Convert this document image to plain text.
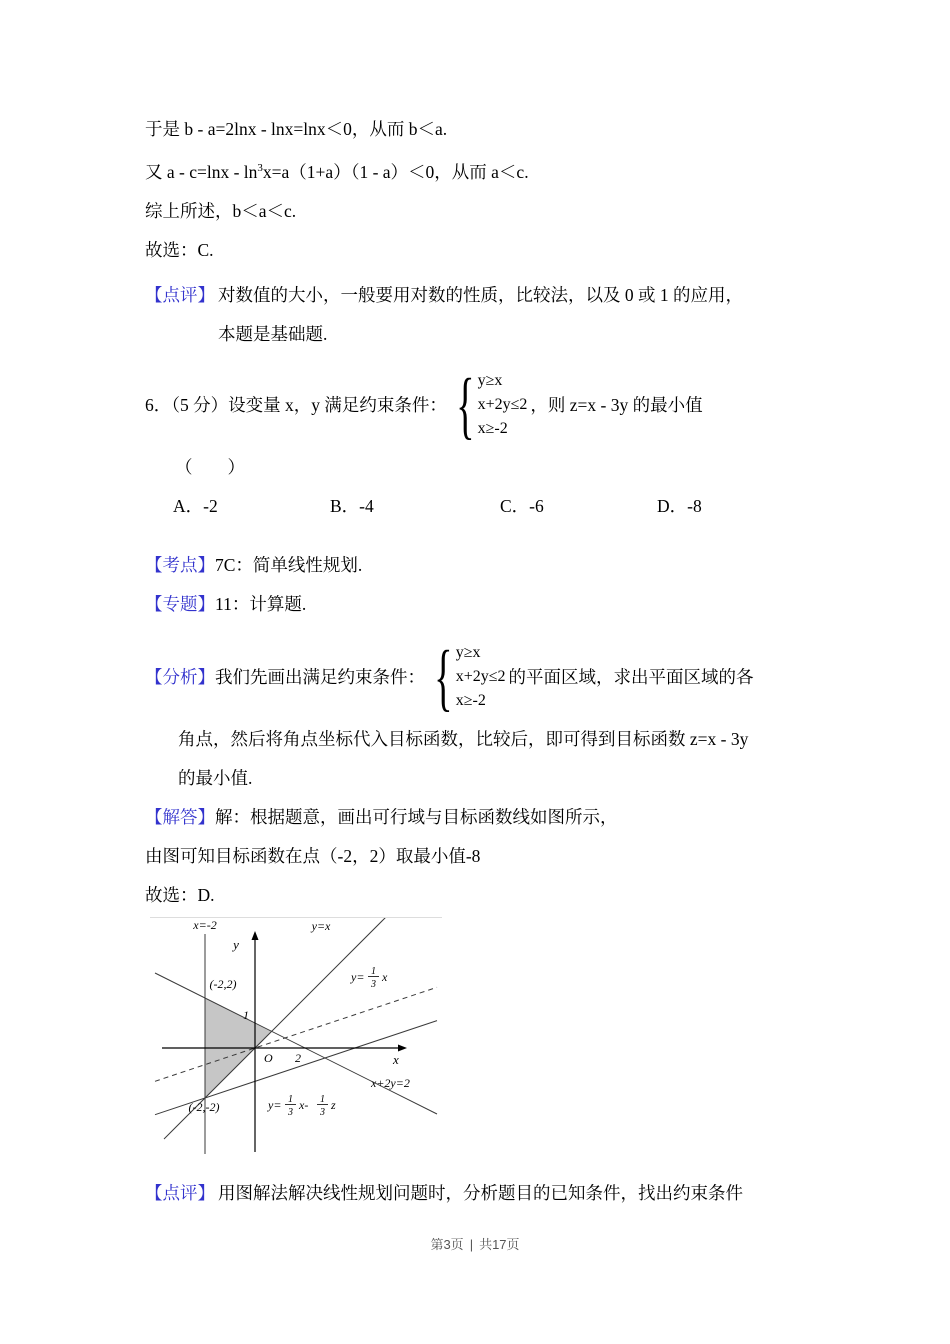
于是 b - a=2lnx - lnx=lnx＜0，从而 b＜a.

又 $a - c=\ln x - \ln^3x=a(1+a)(1 - a)<0$，从而 a＜c.

综上所述，b＜a＜c.

故选：C.

【点评】 对数值的大小，一般要用对数的性质，比较法，以及 0 或 1 的应用，
本题是基础题.

6．（5 分）设变量 x，y 满足约束条件： { y≥x
x+2y≤2
x≥-2
，则 z=x - 3y 的最小值

（　　）

A．-2	B．-4	C．-6	D．-8

【考点】7C：简单线性规划.

【专题】11：计算题.

【分析】 我们先画出满足约束条件： { y≥x
x+2y≤2
x≥-2
的平面区域，求出平面区域的各

角点，然后将角点坐标代入目标函数，比较后，即可得到目标函数 z=x - 3y

的最小值.

【解答】解：根据题意，画出可行域与目标函数线如图所示，

由图可知目标函数在点（-2，2）取最小值-8

故选：D.

x=-2	y=x
y
(-2,2)	y= 1
3
x
1
O 2	x
x+2y=2
(-2,-2)	y= 1
3
x- 1
3
z

【点评】 用图解法解决线性规划问题时，分析题目的已知条件，找出约束条件

第3页 | 共17页
